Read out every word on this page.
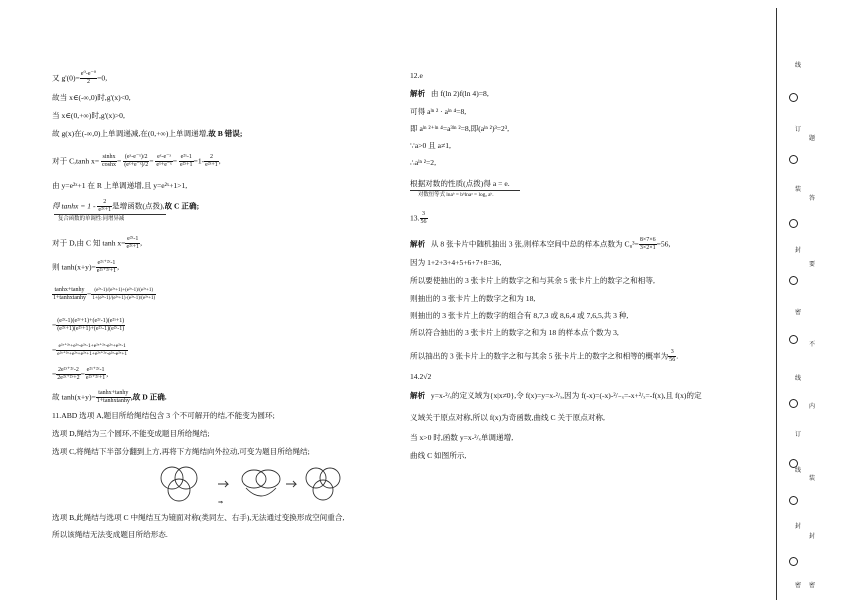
又 $g'(0)= \frac{\text{e⁰-e⁻⁰}}{2} =0$,
故当 x∈(-∞,0)时,g'(x)<0,
当 x∈(0,+∞)时,g'(x)>0,
故 g(x)在(-∞,0)上单调递减,在(0,+∞)上单调递增,故 B 错误;
对于 C,tanh $x= \frac{\sinh x}{\cosh x} = \frac{\text{(eˣ-e⁻ˣ)/2}}{\text{(eˣ+e⁻ˣ)/2}} = \frac{\text{eˣ-e⁻ˣ}}{\text{eˣ+e⁻ˣ}} = \frac{\text{e²ˣ-1}}{\text{e²ˣ+1}} =1- \frac{2}{\text{e²ˣ+1}}$ ,
由 y=e²ˣ+1 在 R 上单调递增,且 y=e²ˣ+1>1,
得 $\tanh x = 1 - \frac{2}{\text{e²ˣ+1}}$ 是增函数(点拨),故 C 正确;
复合函数的单调性:同增异减
对于 D,由 C 知 $\tanh x= \frac{\text{e²ˣ-1}}{\text{e²ˣ+1}}$ ,
则 $\tanh(x+y)= \frac{\text{e²ˣ⁺²ʸ-1}}{\text{e²ˣ⁺²ʸ+1}}$ ,
$\frac{\tanh x+\tanh y}{\text{1+tanhxtanhy}} = \frac{\text{(e²ˣ-1)/(e²ˣ+1)+(e²ʸ-1)/(e²ʸ+1)}}{\text{1+(e²ˣ-1)/(e²ˣ+1)·(e²ʸ-1)/(e²ʸ+1)}}$
= $\frac{\text{(e²ˣ-1)(e²ʸ+1)+(e²ʸ-1)(e²ˣ+1)}}{\text{(e²ˣ+1)(e²ʸ+1)+(e²ˣ-1)(e²ʸ-1)}}$
= $\frac{\text{e²ˣ⁺²ʸ+e²ˣ-e²ʸ-1+e²ˣ⁺²ʸ-e²ˣ+e²ʸ-1}}{\text{e²ˣ⁺²ʸ+e²ˣ+e²ʸ+1+e²ˣ⁺²ʸ-e²ˣ-e²ʸ+1}}$
= $\frac{\text{2e²ˣ⁺²ʸ-2}}{\text{2e²ˣ⁺²ʸ+2}} = \frac{\text{e²ˣ⁺²ʸ-1}}{\text{e²ˣ⁺²ʸ+1}}$ ,
故 $\tanh(x+y)= \frac{\tanh x+\tanh y}{\text{1+tanhxtanhy}}$ ,故 D 正确.
11.ABD 选项 A,题目所给绳结包含 3 个不可解开的结,不能变为圆环;
选项 D,绳结为三个圆环,不能变成题目所给绳结;
选项 C,将绳结下半部分翻到上方,再将下方绳结向外拉动,可变为题目所给绳结;
⇒
选项 B,此绳结与选项 C 中绳结互为镜面对称(类同左、右手),无法通过变换形成空间重合,
所以该绳结无法变成题目所给形态.
12.e
解析 由 f(ln 2)f(ln 4)=8,
可得 aˡⁿ ² · aˡⁿ ⁴=8,
即 aˡⁿ ²⁺ˡⁿ ⁴=a³ˡⁿ ²=8,即(aˡⁿ ²)³=2³,
∵a>0 且 a≠1,
∴aˡⁿ ²=2,
根据对数的性质(点拨)得 a = e.
对数恒等式 lnaᵇ = bᵇlnaᵃ = logₐ aᵇ.
13. $\frac{3}{56}$
解析 从 8 张卡片中随机抽出 3 张,则样本空间中总的样本点数为 $C_8^3= \frac{8\times 7\times 6}{3\times 2\times 1} =56$,
因为 1+2+3+4+5+6+7+8=36,
所以要使抽出的 3 张卡片上的数字之和与其余 5 张卡片上的数字之和相等,
则抽出的 3 张卡片上的数字之和为 18,
则抽出的 3 张卡片上的数字的组合有 8,7,3 或 8,6,4 或 7,6,5,共 3 种,
所以符合抽出的 3 张卡片上的数字之和为 18 的样本点个数为 3,
所以抽出的 3 张卡片上的数字之和与其余 5 张卡片上的数字之和相等的概率为 $\frac{3}{56}$ .
14.2√2
解析 y=x-²/ₓ的定义域为{x|x≠0},令 f(x)=y=x-²/ₓ,因为 f(-x)=(-x)-²/₋ₓ=-x+²/ₓ=-f(x),且 f(x)的定
义域关于原点对称,所以 f(x)为奇函数,曲线 C 关于原点对称,
当 x>0 时,函数 y=x-²/ₓ单调递增,
曲线 C 如图所示,
线
订
题
装
答
封
要
密
不
线
内
订
线
装
封
封
密	密
